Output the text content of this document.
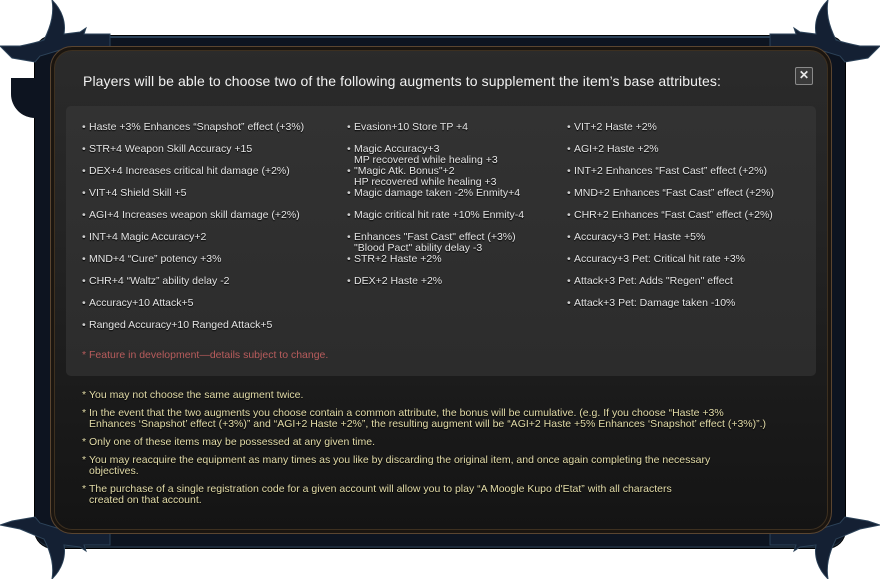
Players will be able to choose two of the following augments to supplement the item’s base attributes:	✕
• Haste +3% Enhances “Snapshot” effect (+3%)
• STR+4 Weapon Skill Accuracy +15
• DEX+4 Increases critical hit damage (+2%)
• VIT+4 Shield Skill +5
• AGI+4 Increases weapon skill damage (+2%)
• INT+4 Magic Accuracy+2
• MND+4 “Cure” potency +3%
• CHR+4 “Waltz” ability delay -2
• Accuracy+10 Attack+5
• Ranged Accuracy+10 Ranged Attack+5
• Evasion+10 Store TP +4
• Magic Accuracy+3
MP recovered while healing +3
• "Magic Atk. Bonus"+2
HP recovered while healing +3
• Magic damage taken -2% Enmity+4
• Magic critical hit rate +10% Enmity-4
• Enhances "Fast Cast" effect (+3%)
"Blood Pact" ability delay -3
• STR+2 Haste +2%
• DEX+2 Haste +2%
• VIT+2 Haste +2%
• AGI+2 Haste +2%
• INT+2 Enhances “Fast Cast” effect (+2%)
• MND+2 Enhances “Fast Cast” effect (+2%)
• CHR+2 Enhances “Fast Cast” effect (+2%)
• Accuracy+3 Pet: Haste +5%
• Accuracy+3 Pet: Critical hit rate +3%
• Attack+3 Pet: Adds "Regen" effect
• Attack+3 Pet: Damage taken -10%
* Feature in development—details subject to change.
* You may not choose the same augment twice.
* In the event that the two augments you choose contain a common attribute, the bonus will be cumulative. (e.g. If you choose “Haste +3%
Enhances ‘Snapshot’ effect (+3%)” and “AGI+2 Haste +2%”, the resulting augment will be “AGI+2 Haste +5% Enhances ‘Snapshot’ effect (+3%)”.)
* Only one of these items may be possessed at any given time.
* You may reacquire the equipment as many times as you like by discarding the original item, and once again completing the necessary
objectives.
* The purchase of a single registration code for a given account will allow you to play “A Moogle Kupo d'Etat” with all characters
created on that account.
